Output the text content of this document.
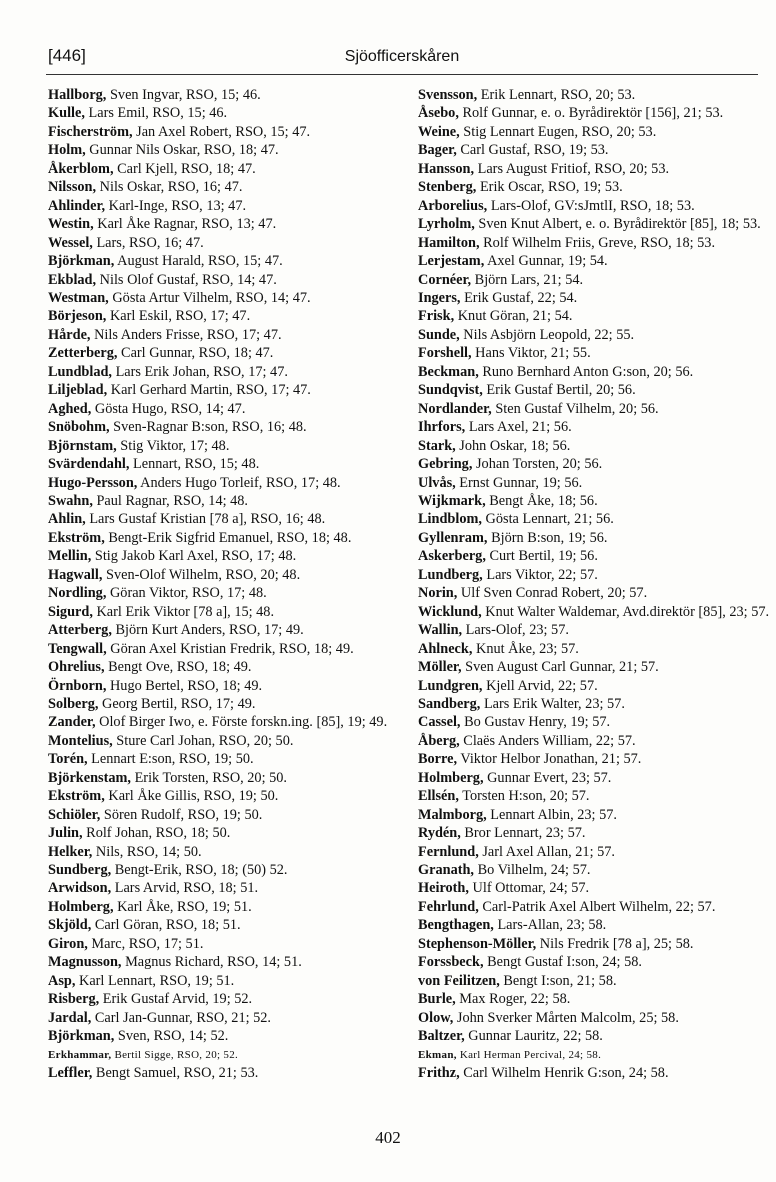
[446]	Sjöofficerskåren
Hallborg, Sven Ingvar, RSO, 15; 46.
Kulle, Lars Emil, RSO, 15; 46.
Fischerström, Jan Axel Robert, RSO, 15; 47.
Holm, Gunnar Nils Oskar, RSO, 18; 47.
Åkerblom, Carl Kjell, RSO, 18; 47.
Nilsson, Nils Oskar, RSO, 16; 47.
Ahlinder, Karl-Inge, RSO, 13; 47.
Westin, Karl Åke Ragnar, RSO, 13; 47.
Wessel, Lars, RSO, 16; 47.
Björkman, August Harald, RSO, 15; 47.
Ekblad, Nils Olof Gustaf, RSO, 14; 47.
Westman, Gösta Artur Vilhelm, RSO, 14; 47.
Börjeson, Karl Eskil, RSO, 17; 47.
Hårde, Nils Anders Frisse, RSO, 17; 47.
Zetterberg, Carl Gunnar, RSO, 18; 47.
Lundblad, Lars Erik Johan, RSO, 17; 47.
Liljeblad, Karl Gerhard Martin, RSO, 17; 47.
Aghed, Gösta Hugo, RSO, 14; 47.
Snöbohm, Sven-Ragnar B:son, RSO, 16; 48.
Björnstam, Stig Viktor, 17; 48.
Svärdendahl, Lennart, RSO, 15; 48.
Hugo-Persson, Anders Hugo Torleif, RSO, 17; 48.
Swahn, Paul Ragnar, RSO, 14; 48.
Ahlin, Lars Gustaf Kristian [78 a], RSO, 16; 48.
Ekström, Bengt-Erik Sigfrid Emanuel, RSO, 18; 48.
Mellin, Stig Jakob Karl Axel, RSO, 17; 48.
Hagwall, Sven-Olof Wilhelm, RSO, 20; 48.
Nordling, Göran Viktor, RSO, 17; 48.
Sigurd, Karl Erik Viktor [78 a], 15; 48.
Atterberg, Björn Kurt Anders, RSO, 17; 49.
Tengwall, Göran Axel Kristian Fredrik, RSO, 18; 49.
Ohrelius, Bengt Ove, RSO, 18; 49.
Örnborn, Hugo Bertel, RSO, 18; 49.
Solberg, Georg Bertil, RSO, 17; 49.
Zander, Olof Birger Iwo, e. Förste forskn.ing. [85], 19; 49.
Montelius, Sture Carl Johan, RSO, 20; 50.
Torén, Lennart E:son, RSO, 19; 50.
Björkenstam, Erik Torsten, RSO, 20; 50.
Ekström, Karl Åke Gillis, RSO, 19; 50.
Schiöler, Sören Rudolf, RSO, 19; 50.
Julin, Rolf Johan, RSO, 18; 50.
Helker, Nils, RSO, 14; 50.
Sundberg, Bengt-Erik, RSO, 18; (50) 52.
Arwidson, Lars Arvid, RSO, 18; 51.
Holmberg, Karl Åke, RSO, 19; 51.
Skjöld, Carl Göran, RSO, 18; 51.
Giron, Marc, RSO, 17; 51.
Magnusson, Magnus Richard, RSO, 14; 51.
Asp, Karl Lennart, RSO, 19; 51.
Risberg, Erik Gustaf Arvid, 19; 52.
Jardal, Carl Jan-Gunnar, RSO, 21; 52.
Björkman, Sven, RSO, 14; 52.
Erkhammar, Bertil Sigge, RSO, 20; 52.
Leffler, Bengt Samuel, RSO, 21; 53.
Svensson, Erik Lennart, RSO, 20; 53.
Åsebo, Rolf Gunnar, e. o. Byrådirektör [156], 21; 53.
Weine, Stig Lennart Eugen, RSO, 20; 53.
Bager, Carl Gustaf, RSO, 19; 53.
Hansson, Lars August Fritiof, RSO, 20; 53.
Stenberg, Erik Oscar, RSO, 19; 53.
Arborelius, Lars-Olof, GV:sJmtlI, RSO, 18; 53.
Lyrholm, Sven Knut Albert, e. o. Byrådirektör [85], 18; 53.
Hamilton, Rolf Wilhelm Friis, Greve, RSO, 18; 53.
Lerjestam, Axel Gunnar, 19; 54.
Cornéer, Björn Lars, 21; 54.
Ingers, Erik Gustaf, 22; 54.
Frisk, Knut Göran, 21; 54.
Sunde, Nils Asbjörn Leopold, 22; 55.
Forshell, Hans Viktor, 21; 55.
Beckman, Runo Bernhard Anton G:son, 20; 56.
Sundqvist, Erik Gustaf Bertil, 20; 56.
Nordlander, Sten Gustaf Vilhelm, 20; 56.
Ihrfors, Lars Axel, 21; 56.
Stark, John Oskar, 18; 56.
Gebring, Johan Torsten, 20; 56.
Ulvås, Ernst Gunnar, 19; 56.
Wijkmark, Bengt Åke, 18; 56.
Lindblom, Gösta Lennart, 21; 56.
Gyllenram, Björn B:son, 19; 56.
Askerberg, Curt Bertil, 19; 56.
Lundberg, Lars Viktor, 22; 57.
Norin, Ulf Sven Conrad Robert, 20; 57.
Wicklund, Knut Walter Waldemar, Avd.direktör [85], 23; 57.
Wallin, Lars-Olof, 23; 57.
Ahlneck, Knut Åke, 23; 57.
Möller, Sven August Carl Gunnar, 21; 57.
Lundgren, Kjell Arvid, 22; 57.
Sandberg, Lars Erik Walter, 23; 57.
Cassel, Bo Gustav Henry, 19; 57.
Åberg, Claës Anders William, 22; 57.
Borre, Viktor Helbor Jonathan, 21; 57.
Holmberg, Gunnar Evert, 23; 57.
Ellsén, Torsten H:son, 20; 57.
Malmborg, Lennart Albin, 23; 57.
Rydén, Bror Lennart, 23; 57.
Fernlund, Jarl Axel Allan, 21; 57.
Granath, Bo Vilhelm, 24; 57.
Heiroth, Ulf Ottomar, 24; 57.
Fehrlund, Carl-Patrik Axel Albert Wilhelm, 22; 57.
Bengthagen, Lars-Allan, 23; 58.
Stephenson-Möller, Nils Fredrik [78 a], 25; 58.
Forssbeck, Bengt Gustaf I:son, 24; 58.
von Feilitzen, Bengt I:son, 21; 58.
Burle, Max Roger, 22; 58.
Olow, John Sverker Mårten Malcolm, 25; 58.
Baltzer, Gunnar Lauritz, 22; 58.
Ekman, Karl Herman Percival, 24; 58.
Frithz, Carl Wilhelm Henrik G:son, 24; 58.
402
